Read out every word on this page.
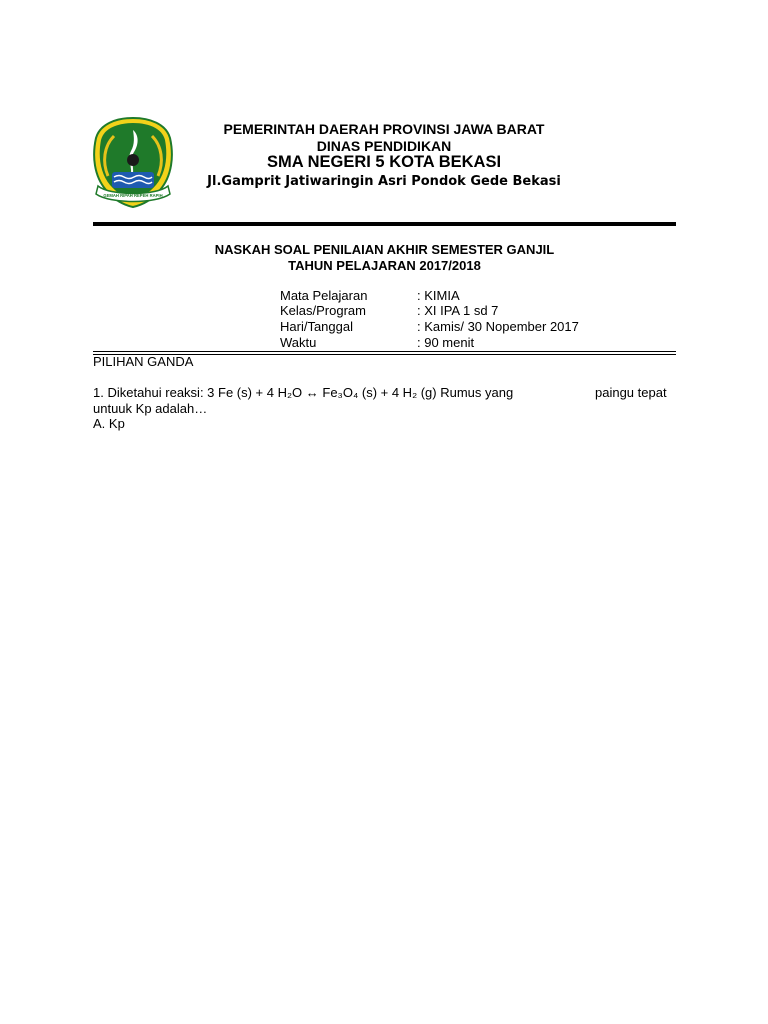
GEMAH RIPAH REPEH RAPIH
PEMERINTAH DAERAH PROVINSI JAWA BARAT
DINAS PENDIDIKAN
SMA NEGERI 5 KOTA BEKASI
Jl.Gamprit Jatiwaringin Asri Pondok Gede Bekasi
NASKAH SOAL PENILAIAN AKHIR SEMESTER GANJIL
TAHUN PELAJARAN 2017/2018
Mata Pelajaran	: KIMIA
Kelas/Program	: XI IPA 1 sd 7
Hari/Tanggal	: Kamis/ 30 Nopember 2017
Waktu	: 90 menit
PILIHAN GANDA
1. Diketahui reaksi: 3 Fe (s) + 4 H₂O ↔ Fe₃O₄ (s) + 4 H₂ (g) Rumus yang	paingu tepat
untuuk Kp adalah…
A. Kp
